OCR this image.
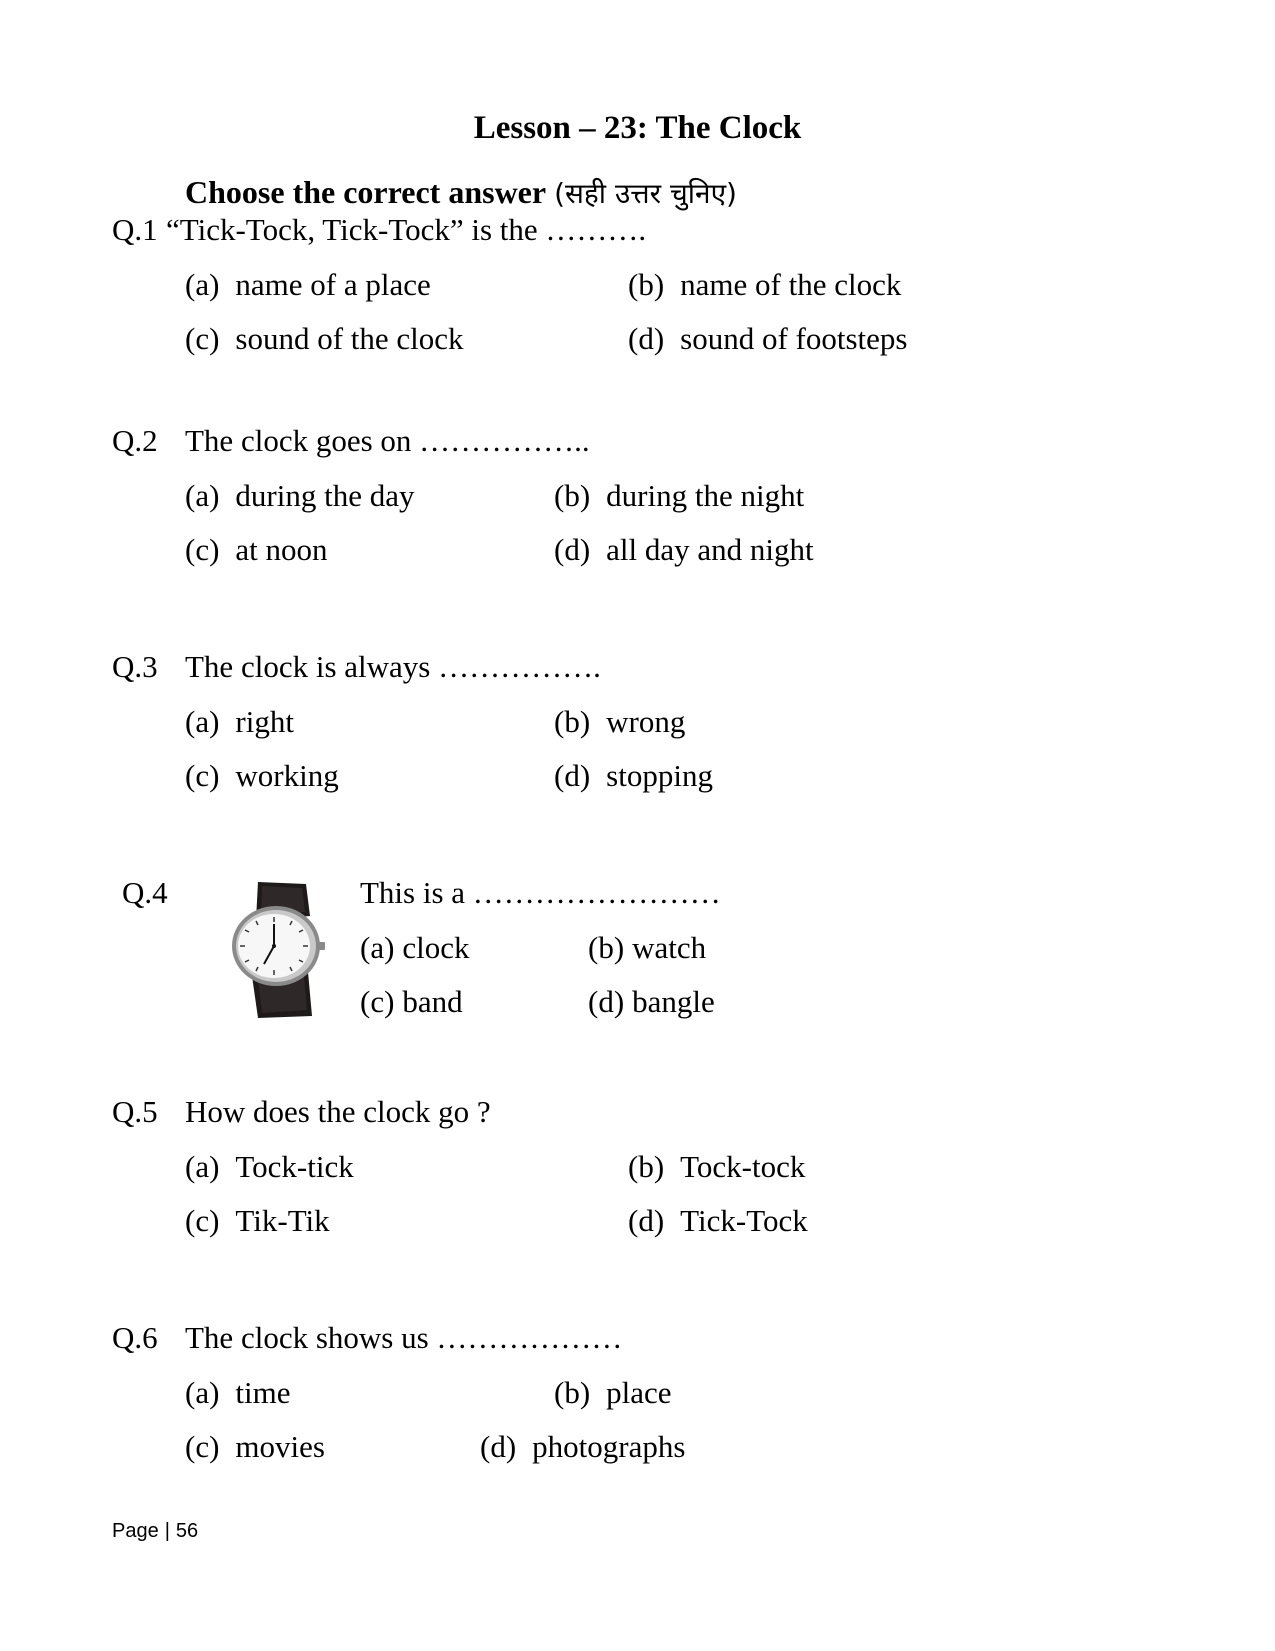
Lesson – 23: The Clock
Choose the correct answer (सही उत्तर चुनिए)
Q.1 “Tick-Tock, Tick-Tock” is the ……….
(a) name of a place	(b) name of the clock
(c) sound of the clock	(d) sound of footsteps
Q.2 The clock goes on ……………..
(a) during the day	(b) during the night
(c) at noon	(d) all day and night
Q.3 The clock is always …………….
(a) right	(b) wrong
(c) working	(d) stopping
Q.4	This is a ……………………
(a) clock	(b) watch
(c) band	(d) bangle
Q.5 How does the clock go ?
(a) Tock-tick	(b) Tock-tock
(c) Tik-Tik	(d) Tick-Tock
Q.6 The clock shows us ………………
(a) time	(b) place
(c) movies	(d) photographs
Page | 56
